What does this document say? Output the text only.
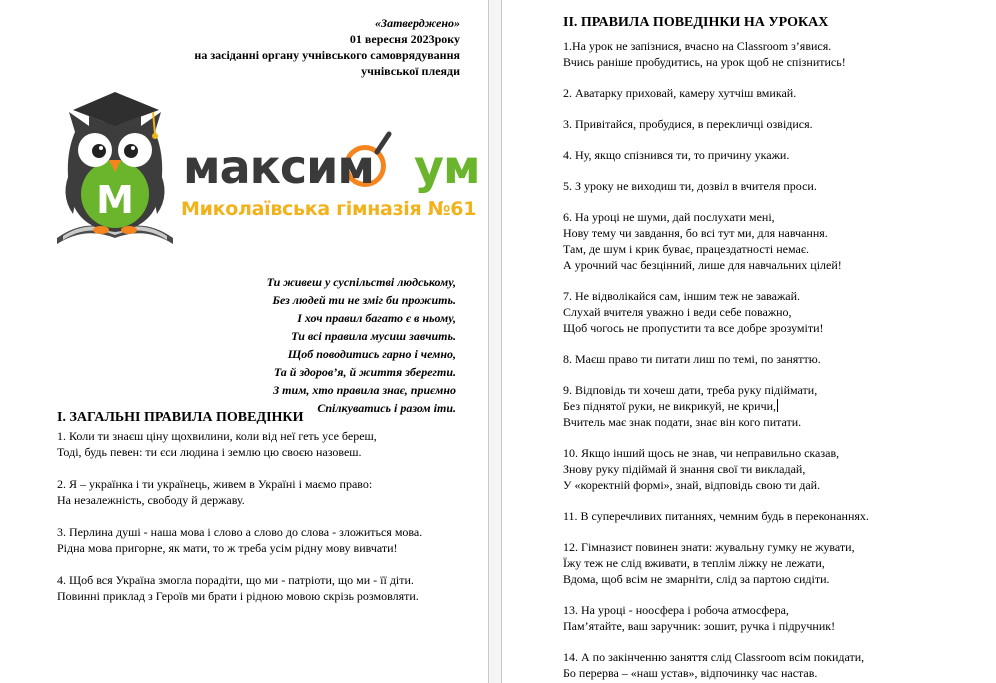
«Затверджено»
01 вересня 2023року
на засіданні органу учнівського самоврядування
учнівської плеяди
M
максим ум
Миколаївська гімназія №61
Ти живеш у суспільстві людському,
Без людей ти не зміг би прожить.
І хоч правил багато є в ньому,
Ти всі правила мусиш завчить.
Щоб поводитись гарно і чемно,
Та й здоров’я, й життя зберегти.
З тим, хто правила знає, приємно
Спілкуватись і разом іти.
І. ЗАГАЛЬНІ ПРАВИЛА ПОВЕДІНКИ
1. Коли ти знаєш ціну щохвилини, коли від неї геть усе береш,
Тоді, будь певен: ти єси людина і землю цю своєю назовеш.
2. Я – українка і ти українець, живем в Україні і маємо право:
На незалежність, свободу й державу.
3. Перлина душі - наша мова і слово а слово до слова - зложиться мова.
Рідна мова пригорне, як мати, то ж треба усім рідну мову вивчати!
4. Щоб вся Україна змогла порадіти, що ми - патріоти, що ми - її діти.
Повинні приклад з Героїв ми брати і рідною мовою скрізь розмовляти.
ІІ. ПРАВИЛА ПОВЕДІНКИ НА УРОКАХ
1.На урок не запізнися, вчасно на Classroom з’явися.
Вчись раніше пробудитись, на урок щоб не спізнитись!
2. Аватарку приховай, камеру хутчіш вмикай.
3. Привітайся, пробудися, в перекличці озвідися.
4. Ну, якщо спізнився ти, то причину укажи.
5. З уроку не виходиш ти, дозвіл в вчителя проси.
6. На уроці не шуми, дай послухати мені,
Нову тему чи завдання, бо всі тут ми, для навчання.
Там, де шум і крик буває, працездатності немає.
А урочний час безцінний, лише для навчальних цілей!
7. Не відволікайся сам, іншим теж не заважай.
Слухай вчителя уважно і веди себе поважно,
Щоб чогось не пропустити та все добре зрозуміти!
8. Маєш право ти питати лиш по темі, по заняттю.
9. Відповідь ти хочеш дати, треба руку підіймати,
Без піднятої руки, не викрикуй, не кричи,
Вчитель має знак подати, знає він кого питати.
10. Якщо інший щось не знав, чи неправильно сказав,
Знову руку підіймай й знання свої ти викладай,
У «коректній формі», знай, відповідь свою ти дай.
11. В суперечливих питаннях, чемним будь в переконаннях.
12. Гімназист повинен знати: жувальну гумку не жувати,
Їжу теж не слід вживати, в теплім ліжку не лежати,
Вдома, щоб всім не змарніти, слід за партою сидіти.
13. На уроці - ноосфера і робоча атмосфера,
Пам’ятайте, ваш заручник: зошит, ручка і підручник!
14. А по закінченню заняття слід Classroom всім покидати,
Бо перерва – «наш устав», відпочинку час настав.
